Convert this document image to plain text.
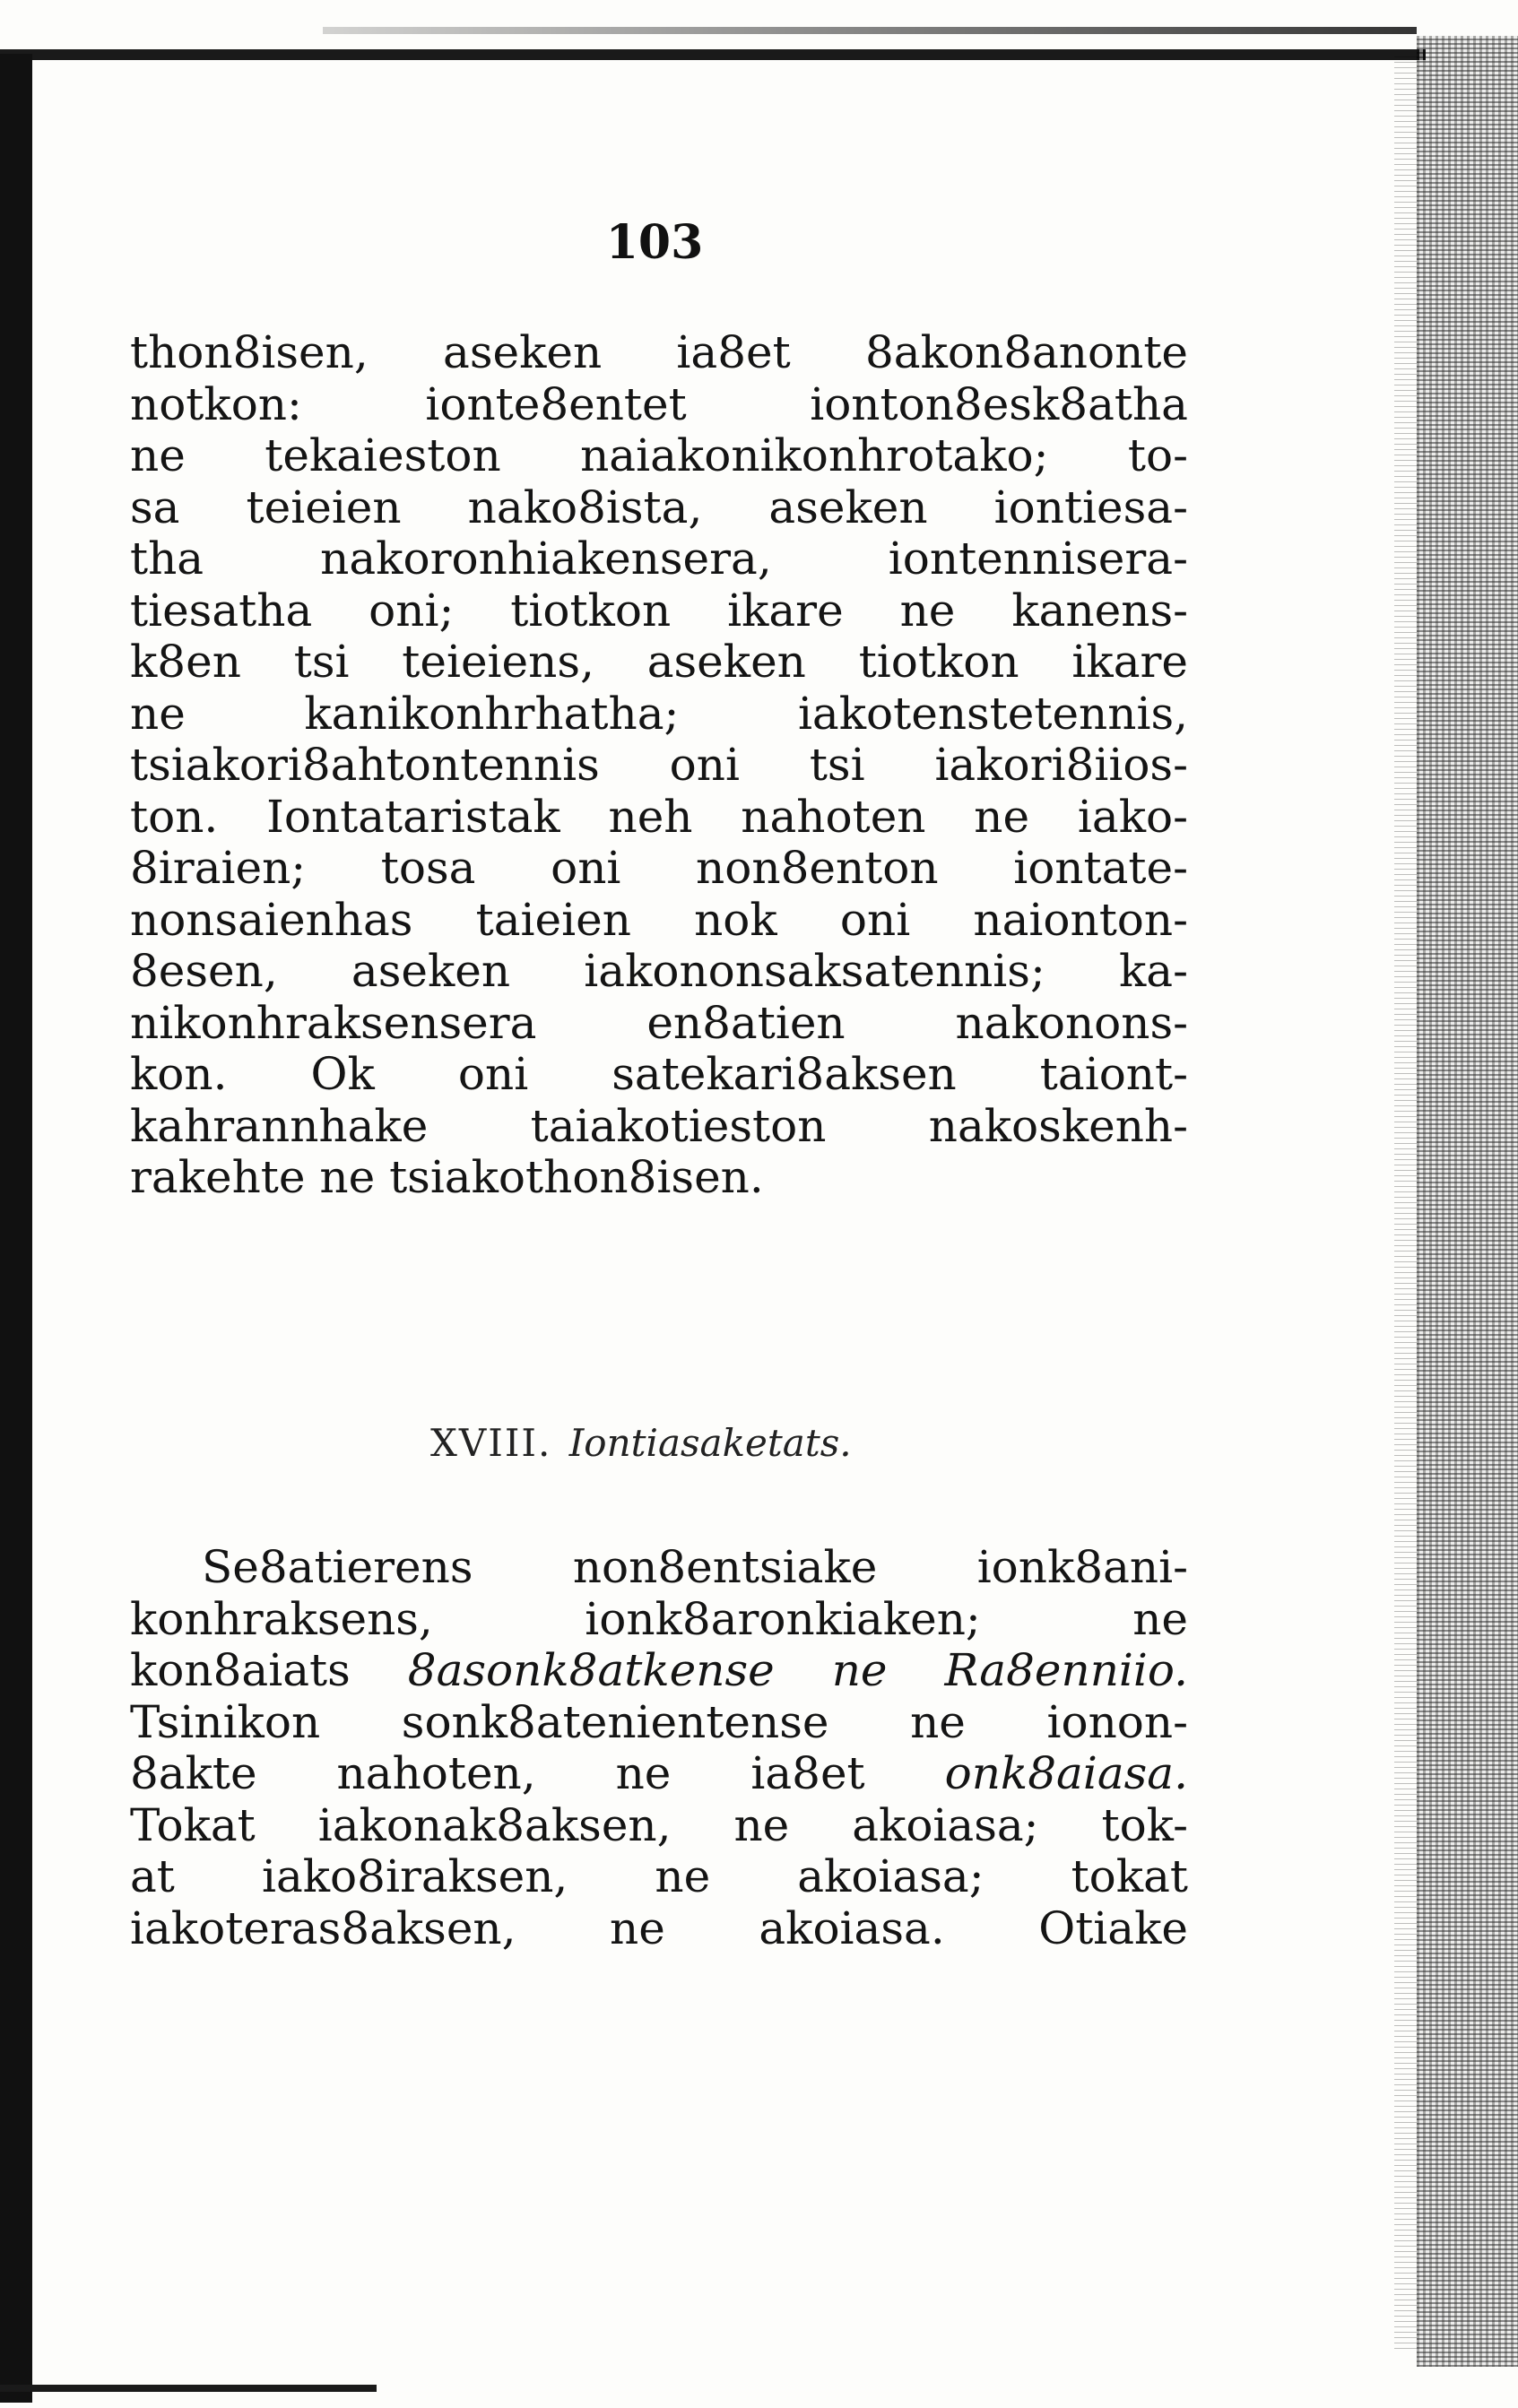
103
thon8isen, aseken ia8et 8akon8anonte
notkon: ionte8entet ionton8esk8atha
ne tekaieston naiakonikonhrotako; to-
sa teieien nako8ista, aseken iontiesa-
tha nakoronhiakensera, iontennisera-
tiesatha oni; tiotkon ikare ne kanens-
k8en tsi teieiens, aseken tiotkon ikare
ne kanikonhrhatha; iakotenstetennis,
tsiakori8ahtontennis oni tsi iakori8iios-
ton. Iontataristak neh nahoten ne iako-
8iraien; tosa oni non8enton iontate-
nonsaienhas taieien nok oni naionton-
8esen, aseken iakononsaksatennis; ka-
nikonhraksensera en8atien nakonons-
kon. Ok oni satekari8aksen taiont-
kahrannhake taiakotieston nakoskenh-
rakehte ne tsiakothon8isen.
XVIII. Iontiasaketats.
Se8atierens non8entsiake ionk8ani-
konhraksens, ionk8aronkiaken; ne
kon8aiats 8asonk8atkense ne Ra8enniio.
Tsinikon sonk8atenientense ne ionon-
8akte nahoten, ne ia8et onk8aiasa.
Tokat iakonak8aksen, ne akoiasa; tok-
at iako8iraksen, ne akoiasa; tokat
iakoteras8aksen, ne akoiasa. Otiake
